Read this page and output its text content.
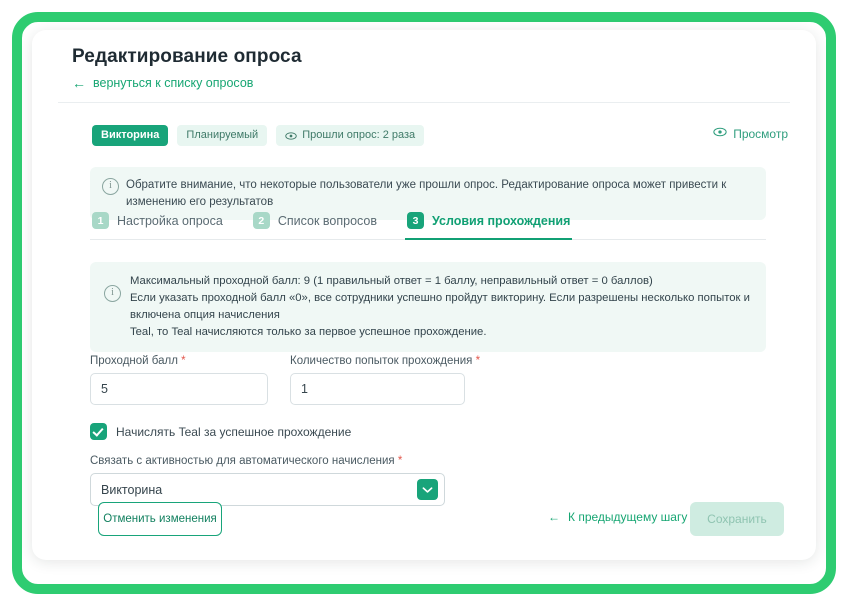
Редактирование опроса
← вернуться к списку опросов
Викторина	Планируемый	Прошли опрос: 2 раза	Просмотр
i	Обратите внимание, что некоторые пользователи уже прошли опрос. Редактирование опроса может привести к изменению его результатов
1	Настройка опроса	2	Список вопросов	3	Условия прохождения
i
Максимальный проходной балл: 9 (1 правильный ответ = 1 баллу, неправильный ответ = 0 баллов)
Если указать проходной балл «0», все сотрудники успешно пройдут викторину. Если разрешены несколько попыток и включена опция начисления
Teal, то Teal начисляются только за первое успешное прохождение.
Проходной балл *
5	Количество попыток прохождения *
1
Начислять Teal за успешное прохождение
Связать с активностью для автоматического начисления *
Викторина
Отменить изменения	← К предыдущему шагу Сохранить
